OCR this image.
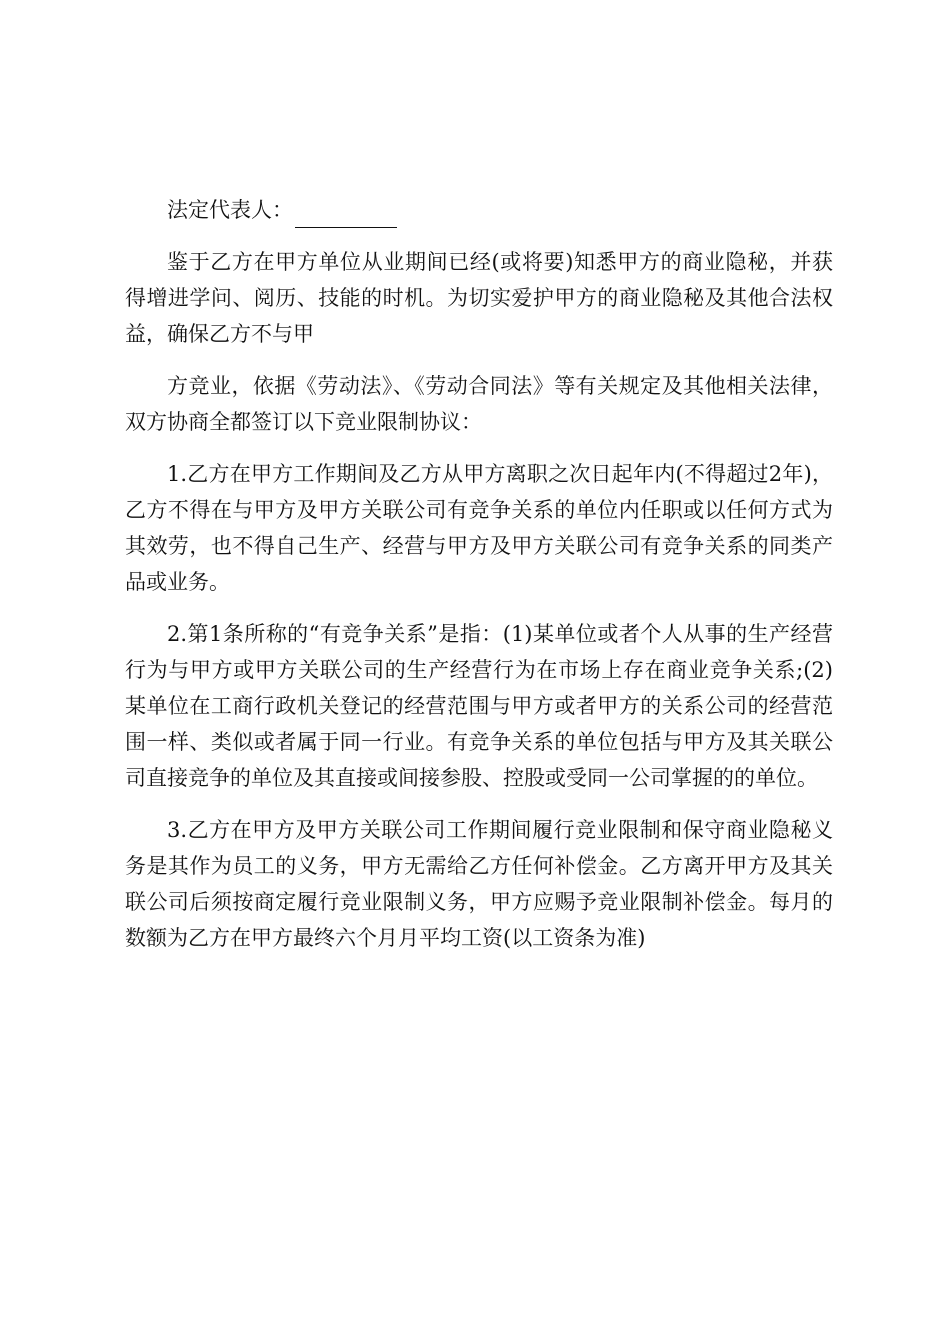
法定代表人：

鉴于乙方在甲方单位从业期间已经(或将要)知悉甲方的商业隐秘，并获得增进学问、阅历、技能的时机。为切实爱护甲方的商业隐秘及其他合法权益，确保乙方不与甲

方竞业，依据《劳动法》、《劳动合同法》等有关规定及其他相关法律，双方协商全都签订以下竞业限制协议：

1.乙方在甲方工作期间及乙方从甲方离职之次日起年内(不得超过2年)，乙方不得在与甲方及甲方关联公司有竞争关系的单位内任职或以任何方式为其效劳，也不得自己生产、经营与甲方及甲方关联公司有竞争关系的同类产品或业务。

2.第1条所称的“有竞争关系”是指：(1)某单位或者个人从事的生产经营行为与甲方或甲方关联公司的生产经营行为在市场上存在商业竞争关系;(2)某单位在工商行政机关登记的经营范围与甲方或者甲方的关系公司的经营范围一样、类似或者属于同一行业。有竞争关系的单位包括与甲方及其关联公司直接竞争的单位及其直接或间接参股、控股或受同一公司掌握的的单位。

3.乙方在甲方及甲方关联公司工作期间履行竞业限制和保守商业隐秘义务是其作为员工的义务，甲方无需给乙方任何补偿金。乙方离开甲方及其关联公司后须按商定履行竞业限制义务，甲方应赐予竞业限制补偿金。每月的数额为乙方在甲方最终六个月月平均工资(以工资条为准)
